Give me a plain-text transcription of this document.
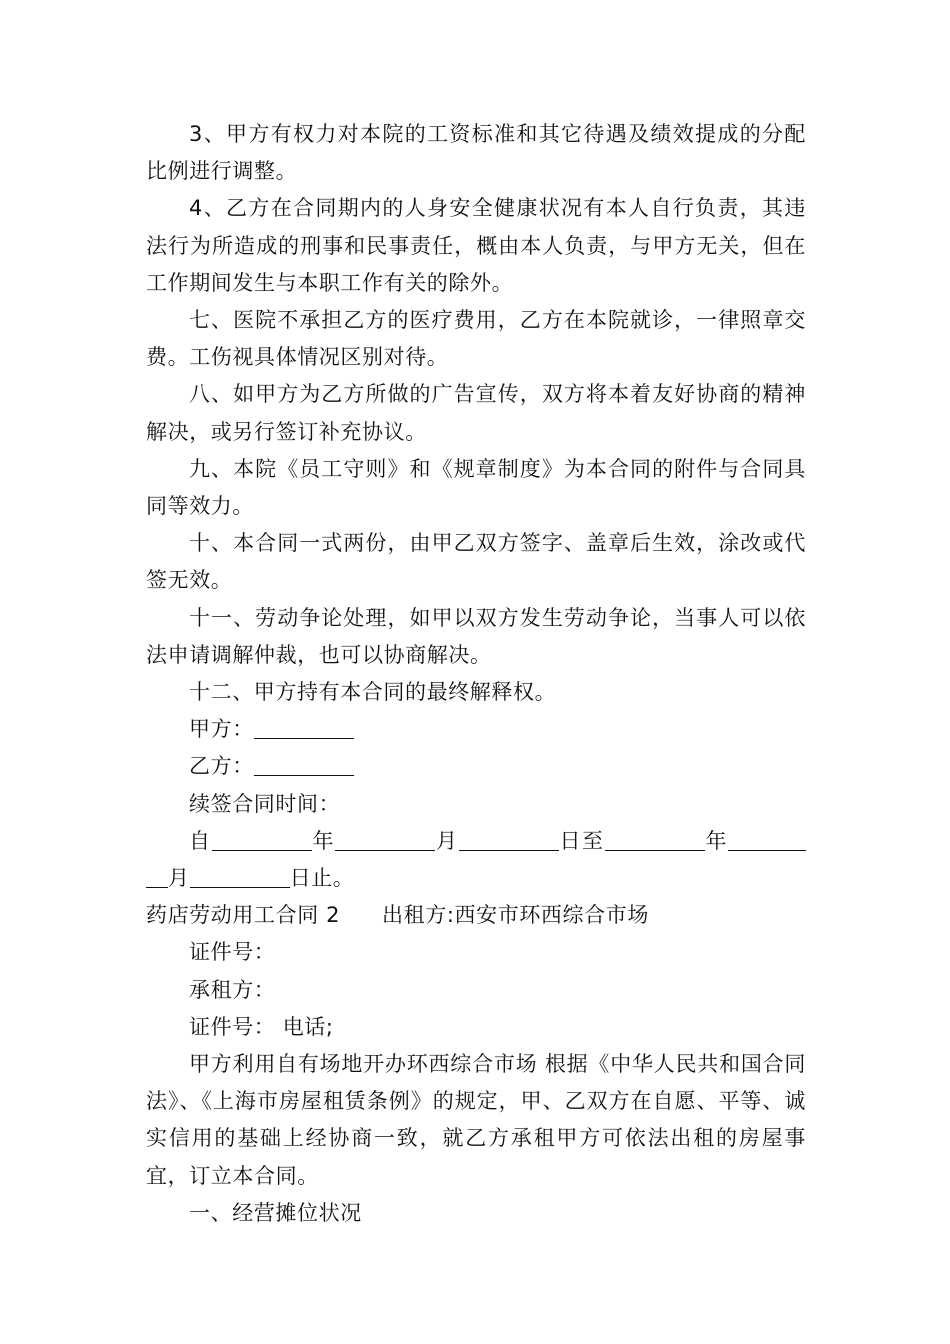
3、甲方有权力对本院的工资标准和其它待遇及绩效提成的分配比例进行调整。

4、乙方在合同期内的人身安全健康状况有本人自行负责，其违法行为所造成的刑事和民事责任，概由本人负责，与甲方无关，但在工作期间发生与本职工作有关的除外。

七、医院不承担乙方的医疗费用，乙方在本院就诊，一律照章交费。工伤视具体情况区别对待。

八、如甲方为乙方所做的广告宣传，双方将本着友好协商的精神解决，或另行签订补充协议。

九、本院《员工守则》和《规章制度》为本合同的附件与合同具同等效力。

十、本合同一式两份，由甲乙双方签字、盖章后生效，涂改或代签无效。

十一、劳动争论处理，如甲以双方发生劳动争论，当事人可以依法申请调解仲裁，也可以协商解决。

十二、甲方持有本合同的最终解释权。

甲方：

乙方：

续签合同时间：

自	年	月	日至	年

月	日止。

药店劳动用工合同 2 出租方:西安市环西综合市场

证件号：

承租方：

证件号： 电话;

甲方利用自有场地开办环西综合市场 根据《中华人民共和国合同法》、《上海市房屋租赁条例》的规定，甲、乙双方在自愿、平等、诚实信用的基础上经协商一致，就乙方承租甲方可依法出租的房屋事宜，订立本合同。

一、经营摊位状况
